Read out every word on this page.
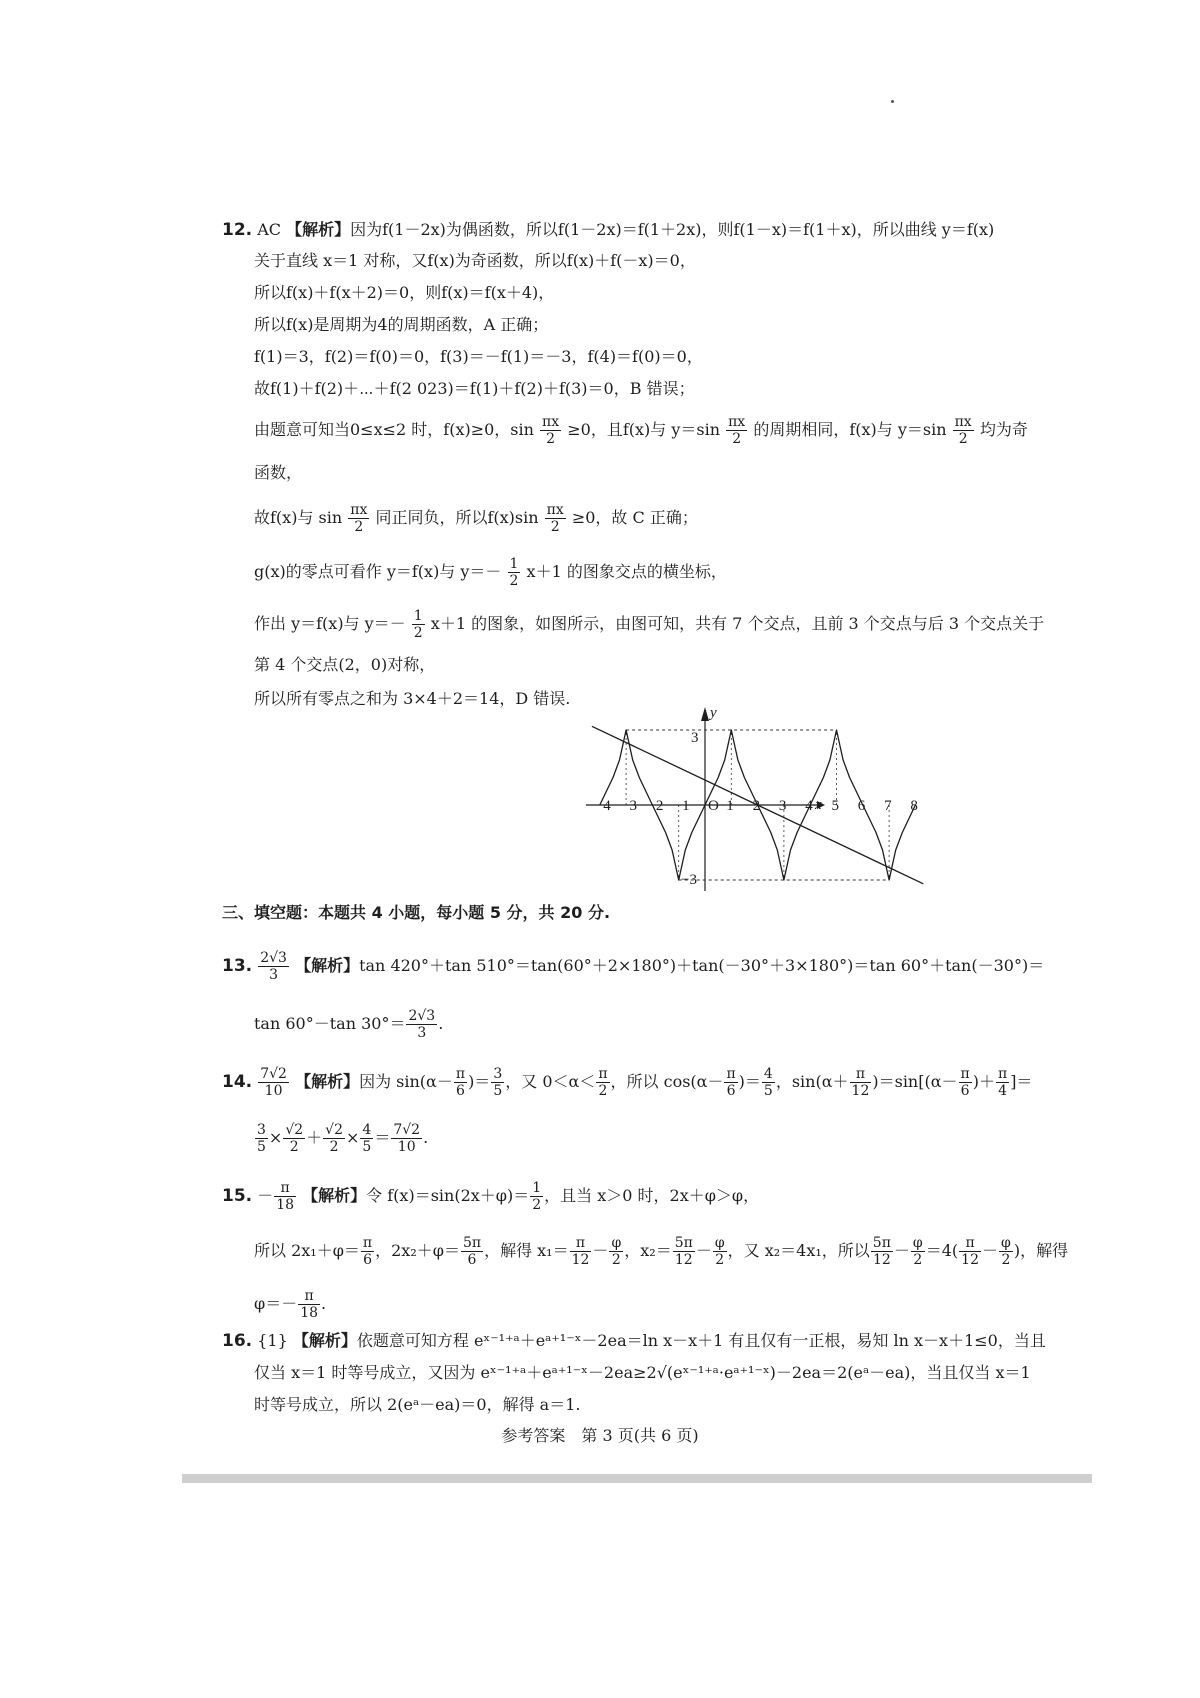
12. AC 【解析】因为f(1－2x)为偶函数，所以f(1－2x)＝f(1＋2x)，则f(1－x)＝f(1＋x)，所以曲线 y＝f(x)
关于直线 x＝1 对称，又f(x)为奇函数，所以f(x)＋f(－x)＝0，
所以f(x)＋f(x＋2)＝0，则f(x)＝f(x＋4)，
所以f(x)是周期为4的周期函数，A 正确；
f(1)＝3，f(2)＝f(0)＝0，f(3)＝－f(1)＝－3，f(4)＝f(0)＝0，
故f(1)＋f(2)＋⋯＋f(2 023)＝f(1)＋f(2)＋f(3)＝0，B 错误；
由题意可知当0≤x≤2 时，f(x)≥0，$\sin \frac{\pi x}{2} \ge 0$，且f(x)与 $y=\sin \frac{\pi x}{2}$ 的周期相同，f(x)与 $y=\sin \frac{\pi x}{2}$ 均为奇
函数，
故f(x)与 $\sin \frac{\pi x}{2}$ 同正同负，所以$f(x)\sin \frac{\pi x}{2} \ge 0$，故 C 正确；
g(x)的零点可看作 y＝f(x)与 $y=- \frac{1}{2} x+1$ 的图象交点的横坐标，
作出 y＝f(x)与 $y=- \frac{1}{2} x+1$ 的图象，如图所示，由图可知，共有 7 个交点，且前 3 个交点与后 3 个交点关于
第 4 个交点(2，0)对称，
所以所有零点之和为 3×4＋2＝14，D 错误.
−4 −3 −2 −1 1 2 3 4 5 6 7 8
3
−3
O	x
y
三、填空题：本题共 4 小题，每小题 5 分，共 20 分.
13. $\frac{2√3}{3}$ 【解析】tan 420°＋tan 510°＝tan(60°＋2×180°)＋tan(－30°＋3×180°)＝tan 60°＋tan(－30°)＝
tan 60°－tan $30^\circ= \frac{2√3}{3}$ .
14. $\frac{7√2}{10}$ 【解析】因为 $\sin(\alpha- \frac{\pi}{6}$ )＝ $\frac{3}{5}$ ，又 $0<\alpha< \frac{\pi}{2}$ ，所以 $\cos(\alpha- \frac{\pi}{6}$ )＝ $\frac{4}{5}$ ，$\sin(\alpha+ \frac{\pi}{12} )=\sin[(\alpha- \frac{\pi}{6}$ )＋ $\frac{\pi}{4}$ ]＝
$\frac{3}{5} \times \frac{√2}{2} + \frac{√2}{2} \times \frac{4}{5} = \frac{7√2}{10}$ .
15. － $\frac{\pi}{18}$ 【解析】令 $f(x)=\sin(2x+\varphi)= \frac{1}{2}$ ，且当 x＞0 时，2x＋φ＞φ，
所以 $2x_1+\varphi= \frac{\pi}{6}$ ，$2x_2+\varphi= \frac{5\pi}{6}$ ，解得 $x_1= \frac{\pi}{12} - \frac{\varphi}{2}$ ，$x_2= \frac{5\pi}{12} - \frac{\varphi}{2}$ ，又 x₂＝4x₁，所以 $\frac{5\pi}{12} - \frac{\varphi}{2} =4( \frac{\pi}{12} - \frac{\varphi}{2}$ )，解得
$\varphi=- \frac{\pi}{18}$ .
16. {1} 【解析】依题意可知方程 eˣ⁻¹⁺ᵃ＋eᵃ⁺¹⁻ˣ－2ea＝ln x－x＋1 有且仅有一正根，易知 ln x－x＋1≤0，当且
仅当 x＝1 时等号成立，又因为 eˣ⁻¹⁺ᵃ＋eᵃ⁺¹⁻ˣ－2ea≥2√(eˣ⁻¹⁺ᵃ·eᵃ⁺¹⁻ˣ)－2ea＝2(eᵃ－ea)，当且仅当 x＝1
时等号成立，所以 2(eᵃ－ea)＝0，解得 a＝1.
参考答案　第 3 页(共 6 页)
